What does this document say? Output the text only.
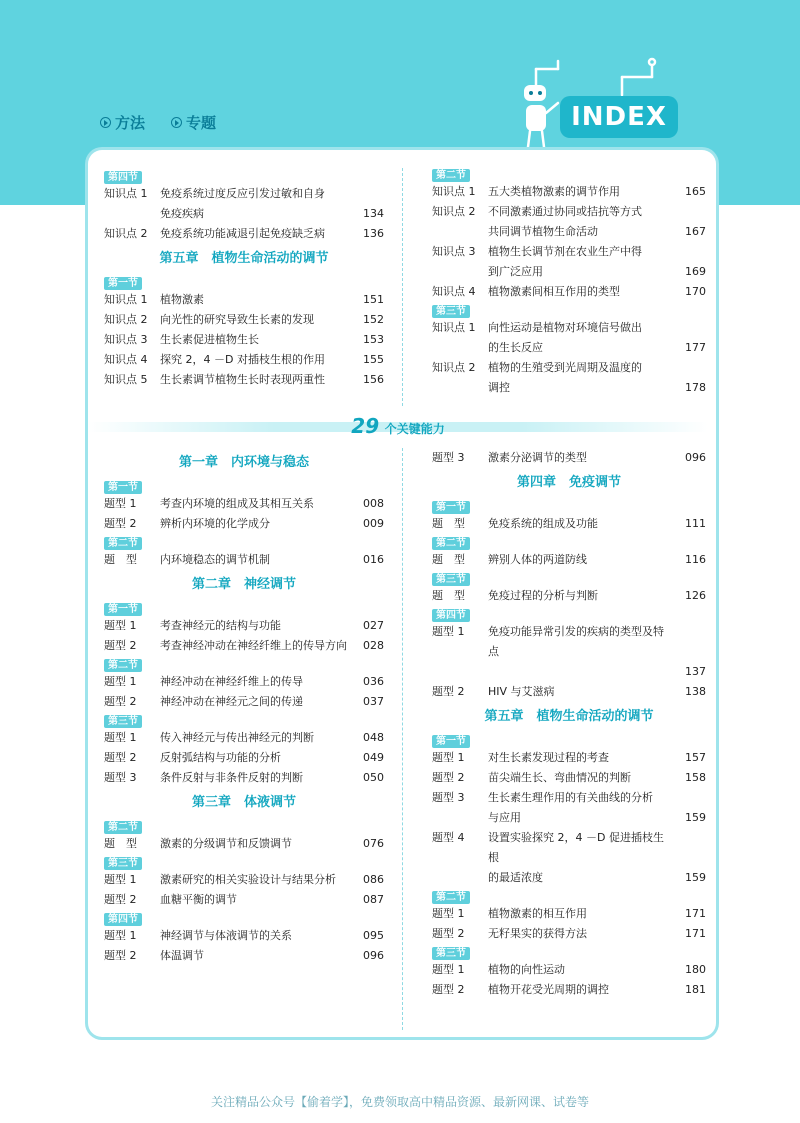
方法	专题	INDEX
第四节
知识点 1	免疫系统过度反应引发过敏和自身
免疫疾病	134
知识点 2	免疫系统功能减退引起免疫缺乏病	136
第五章　植物生命活动的调节
第一节
知识点 1	植物激素	151
知识点 2	向光性的研究导致生长素的发现	152
知识点 3	生长素促进植物生长	153
知识点 4	探究 2，4 －D 对插枝生根的作用	155
知识点 5	生长素调节植物生长时表现两重性	156
第二节
知识点 1	五大类植物激素的调节作用	165
知识点 2	不同激素通过协同或拮抗等方式
共同调节植物生命活动	167
知识点 3	植物生长调节剂在农业生产中得
到广泛应用	169
知识点 4	植物激素间相互作用的类型	170
第三节
知识点 1	向性运动是植物对环境信号做出
的生长反应	177
知识点 2	植物的生殖受到光周期及温度的
调控	178
29 个关键能力
第一章　内环境与稳态
第一节
题型 1	考查内环境的组成及其相互关系	008
题型 2	辨析内环境的化学成分	009
第二节
题　型	内环境稳态的调节机制	016
第二章　神经调节
第一节
题型 1	考查神经元的结构与功能	027
题型 2	考查神经冲动在神经纤维上的传导方向	028
第二节
题型 1	神经冲动在神经纤维上的传导	036
题型 2	神经冲动在神经元之间的传递	037
第三节
题型 1	传入神经元与传出神经元的判断	048
题型 2	反射弧结构与功能的分析	049
题型 3	条件反射与非条件反射的判断	050
第三章　体液调节
第二节
题　型	激素的分级调节和反馈调节	076
第三节
题型 1	激素研究的相关实验设计与结果分析	086
题型 2	血糖平衡的调节	087
第四节
题型 1	神经调节与体液调节的关系	095
题型 2	体温调节	096
题型 3	激素分泌调节的类型	096
第四章　免疫调节
第一节
题　型	免疫系统的组成及功能	111
第二节
题　型	辨别人体的两道防线	116
第三节
题　型	免疫过程的分析与判断	126
第四节
题型 1	免疫功能异常引发的疾病的类型及特点
137
题型 2	HIV 与艾滋病	138
第五章　植物生命活动的调节
第一节
题型 1	对生长素发现过程的考查	157
题型 2	苗尖端生长、弯曲情况的判断	158
题型 3	生长素生理作用的有关曲线的分析
与应用	159
题型 4	设置实验探究 2，4 －D 促进插枝生根
的最适浓度	159
第二节
题型 1	植物激素的相互作用	171
题型 2	无籽果实的获得方法	171
第三节
题型 1	植物的向性运动	180
题型 2	植物开花受光周期的调控	181
关注精品公众号【偷着学】，免费领取高中精品资源、最新网课、试卷等
